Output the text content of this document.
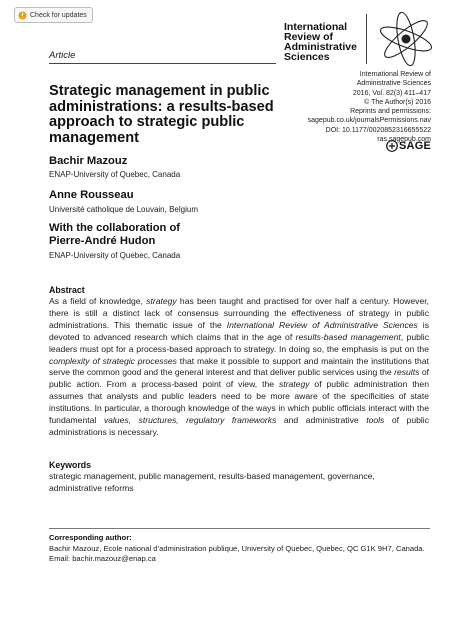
Check for updates
Article
International
Review of
Administrative
Sciences
International Review of
Administrative Sciences
2016, Vol. 82(3) 411–417
© The Author(s) 2016
Reprints and permissions:
sagepub.co.uk/journalsPermissions.nav
DOI: 10.1177/0020852316655522
ras.sagepub.com
SAGE
Strategic management in public administrations: a results-based approach to strategic public management
Bachir Mazouz
ENAP-University of Quebec, Canada
Anne Rousseau
Université catholique de Louvain, Belgium
With the collaboration of
Pierre-André Hudon
ENAP-University of Quebec, Canada
Abstract
As a field of knowledge, strategy has been taught and practised for over half a century. However, there is still a distinct lack of consensus surrounding the effectiveness of strategy in public administrations. This thematic issue of the International Review of Administrative Sciences is devoted to advanced research which claims that in the age of results-based management, public leaders must opt for a process-based approach to strategy. In doing so, the emphasis is put on the complexity of strategic processes that make it possible to support and maintain the institutions that serve the common good and the general interest and that deliver public services using the results of public action. From a process-based point of view, the strategy of public administration then assumes that analysts and public leaders need to be more aware of the specificities of state institutions. In particular, a thorough knowledge of the ways in which public officials interact with the fundamental values, structures, regulatory frameworks and administrative tools of public administrations is necessary.
Keywords
strategic management, public management, results-based management, governance, administrative reforms
Corresponding author:
Bachir Mazouz, Ecole national d’administration publique, University of Quebec, Quebec, QC G1K 9H7, Canada.
Email: bachir.mazouz@enap.ca
